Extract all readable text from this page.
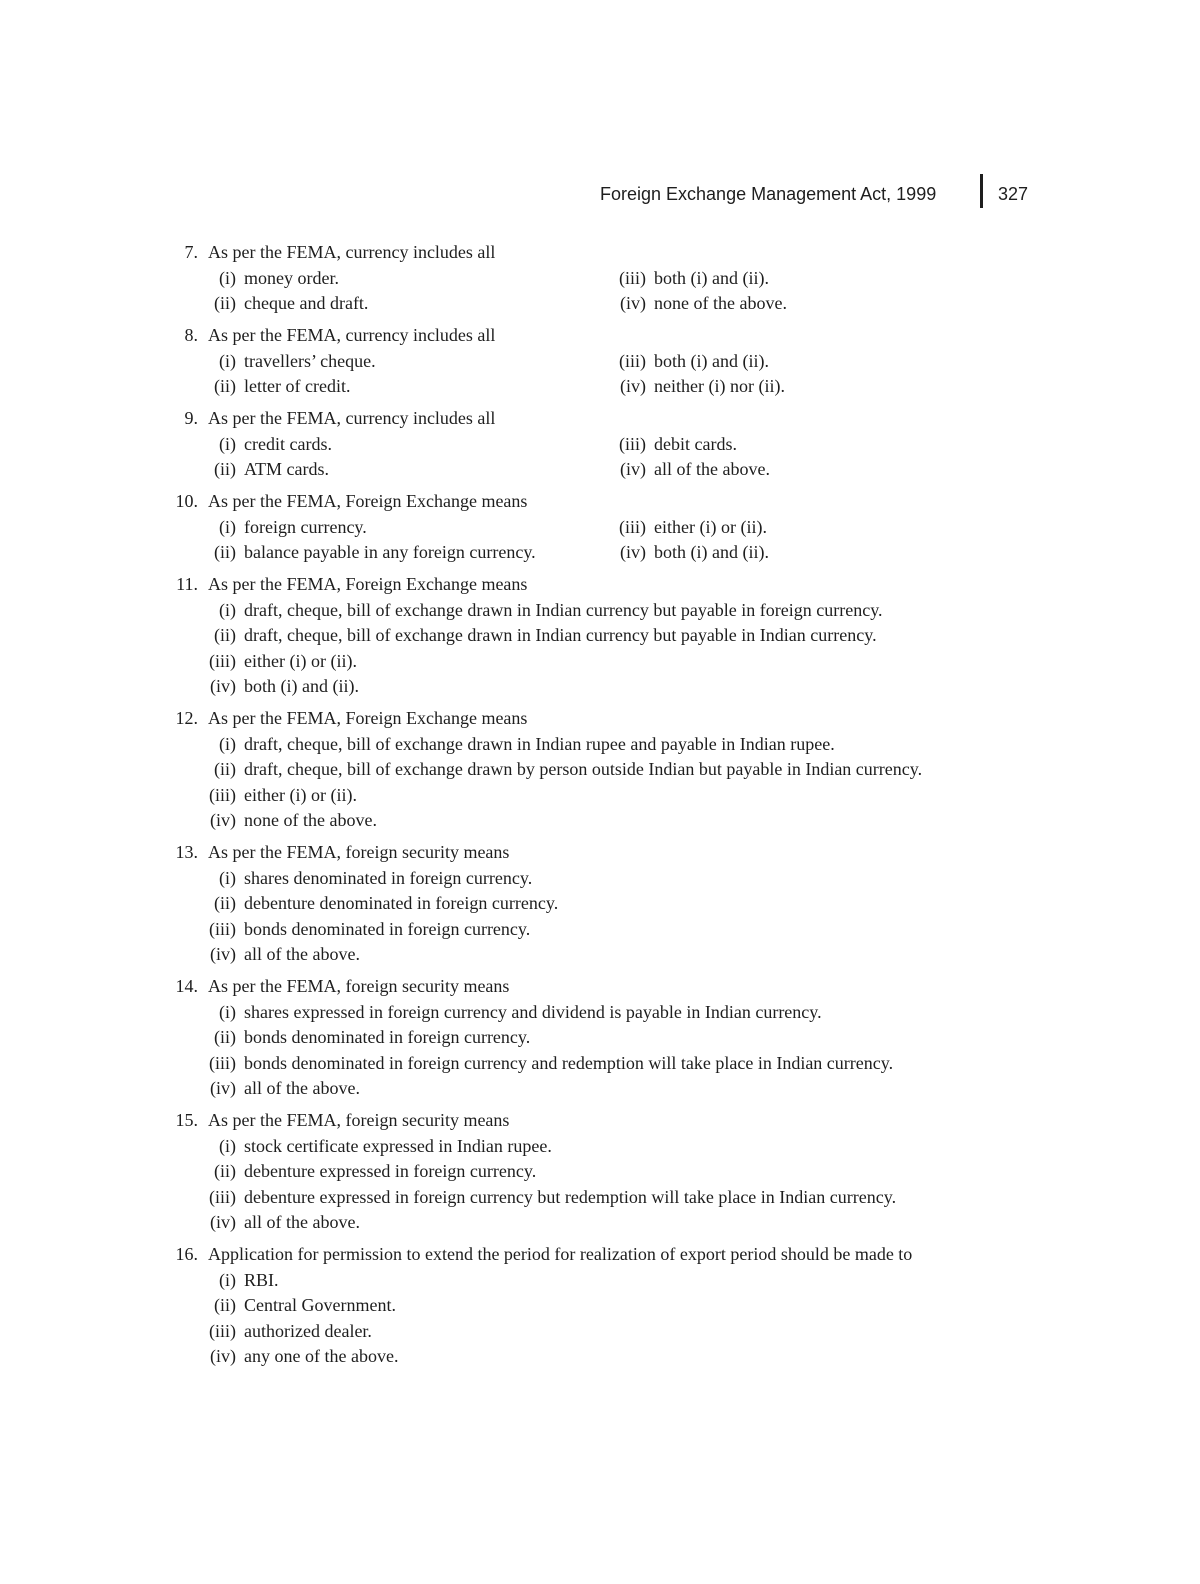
Foreign Exchange Management Act, 1999	327
7. As per the FEMA, currency includes all
(i) money order.	(iii) both (i) and (ii).
(ii) cheque and draft.	(iv) none of the above.
8. As per the FEMA, currency includes all
(i) travellers’ cheque.	(iii) both (i) and (ii).
(ii) letter of credit.	(iv) neither (i) nor (ii).
9. As per the FEMA, currency includes all
(i) credit cards.	(iii) debit cards.
(ii) ATM cards.	(iv) all of the above.
10. As per the FEMA, Foreign Exchange means
(i) foreign currency.	(iii) either (i) or (ii).
(ii) balance payable in any foreign currency.	(iv) both (i) and (ii).
11. As per the FEMA, Foreign Exchange means
(i) draft, cheque, bill of exchange drawn in Indian currency but payable in foreign currency.
(ii) draft, cheque, bill of exchange drawn in Indian currency but payable in Indian currency.
(iii) either (i) or (ii).
(iv) both (i) and (ii).
12. As per the FEMA, Foreign Exchange means
(i) draft, cheque, bill of exchange drawn in Indian rupee and payable in Indian rupee.
(ii) draft, cheque, bill of exchange drawn by person outside Indian but payable in Indian currency.
(iii) either (i) or (ii).
(iv) none of the above.
13. As per the FEMA, foreign security means
(i) shares denominated in foreign currency.
(ii) debenture denominated in foreign currency.
(iii) bonds denominated in foreign currency.
(iv) all of the above.
14. As per the FEMA, foreign security means
(i) shares expressed in foreign currency and dividend is payable in Indian currency.
(ii) bonds denominated in foreign currency.
(iii) bonds denominated in foreign currency and redemption will take place in Indian currency.
(iv) all of the above.
15. As per the FEMA, foreign security means
(i) stock certificate expressed in Indian rupee.
(ii) debenture expressed in foreign currency.
(iii) debenture expressed in foreign currency but redemption will take place in Indian currency.
(iv) all of the above.
16. Application for permission to extend the period for realization of export period should be made to
(i) RBI.
(ii) Central Government.
(iii) authorized dealer.
(iv) any one of the above.
